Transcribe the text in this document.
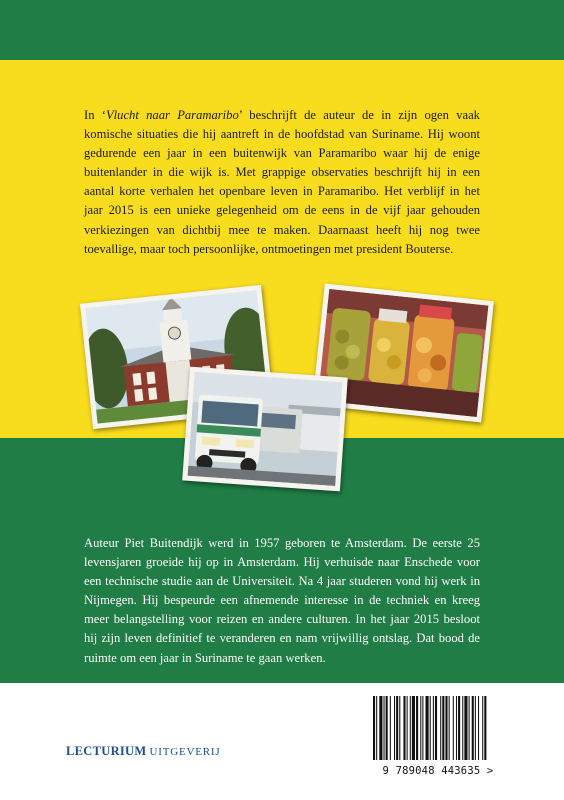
In ‘Vlucht naar Paramaribo’ beschrijft de auteur de in zijn ogen vaak komische situaties die hij aantreft in de hoofdstad van Suriname. Hij woont gedurende een jaar in een buitenwijk van Paramaribo waar hij de enige buitenlander in die wijk is. Met grappige observaties beschrijft hij in een aantal korte verhalen het openbare leven in Paramaribo. Het verblijf in het jaar 2015 is een unieke gelegenheid om de eens in de vijf jaar gehouden verkiezingen van dichtbij mee te maken. Daarnaast heeft hij nog twee toevallige, maar toch persoonlijke, ontmoetingen met president Bouterse.

Auteur Piet Buitendijk werd in 1957 geboren te Amsterdam. De eerste 25 levensjaren groeide hij op in Amsterdam. Hij verhuisde naar Enschede voor een technische studie aan de Universiteit. Na 4 jaar studeren vond hij werk in Nijmegen. Hij bespeurde een afnemende interesse in de techniek en kreeg meer belangstelling voor reizen en andere culturen. In het jaar 2015 besloot hij zijn leven definitief te veranderen en nam vrijwillig ontslag. Dat bood de ruimte om een jaar in Suriname te gaan werken.

LECTURIUM UITGEVERIJ
9 789048 443635 >
